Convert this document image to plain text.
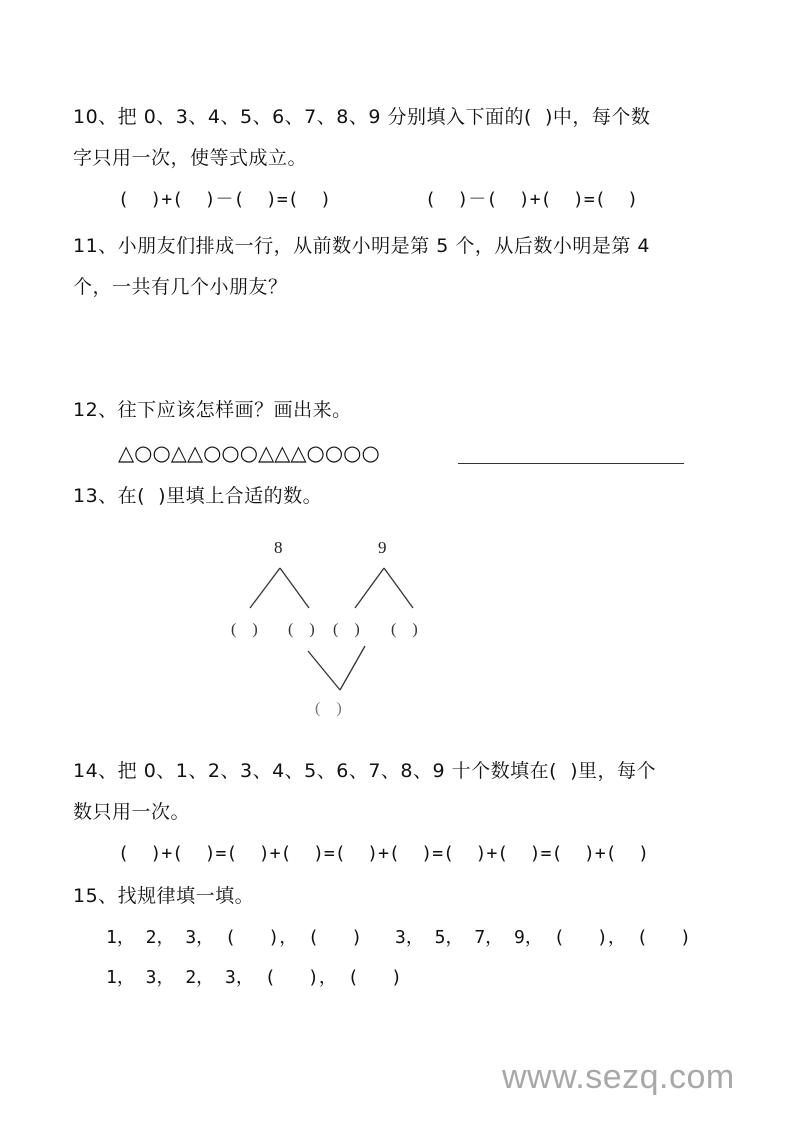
10、把 0、3、4、5、6、7、8、9 分别填入下面的(  )中，每个数
字只用一次，使等式成立。
(  )+(  )－(  )=(  )	(  )－(  )+(  )=(  )
11、小朋友们排成一行，从前数小明是第 5 个，从后数小明是第 4
个，一共有几个小朋友？
12、往下应该怎样画？画出来。
△○○△△○○○△△△○○○○
13、在(  )里填上合适的数。
8	9
(    ) (    ) (    ) (    )
(    )
14、把 0、1、2、3、4、5、6、7、8、9 十个数填在(  )里，每个
数只用一次。
(  )+(  )=(  )+(  )=(  )+(  )=(  )+(  )=(  )+(  )
15、找规律填一填。
1， 2， 3， (   )， (   ) 3， 5， 7， 9， (   )， (   )
1， 3， 2， 3， (   )， (   )
www.sezq.com
